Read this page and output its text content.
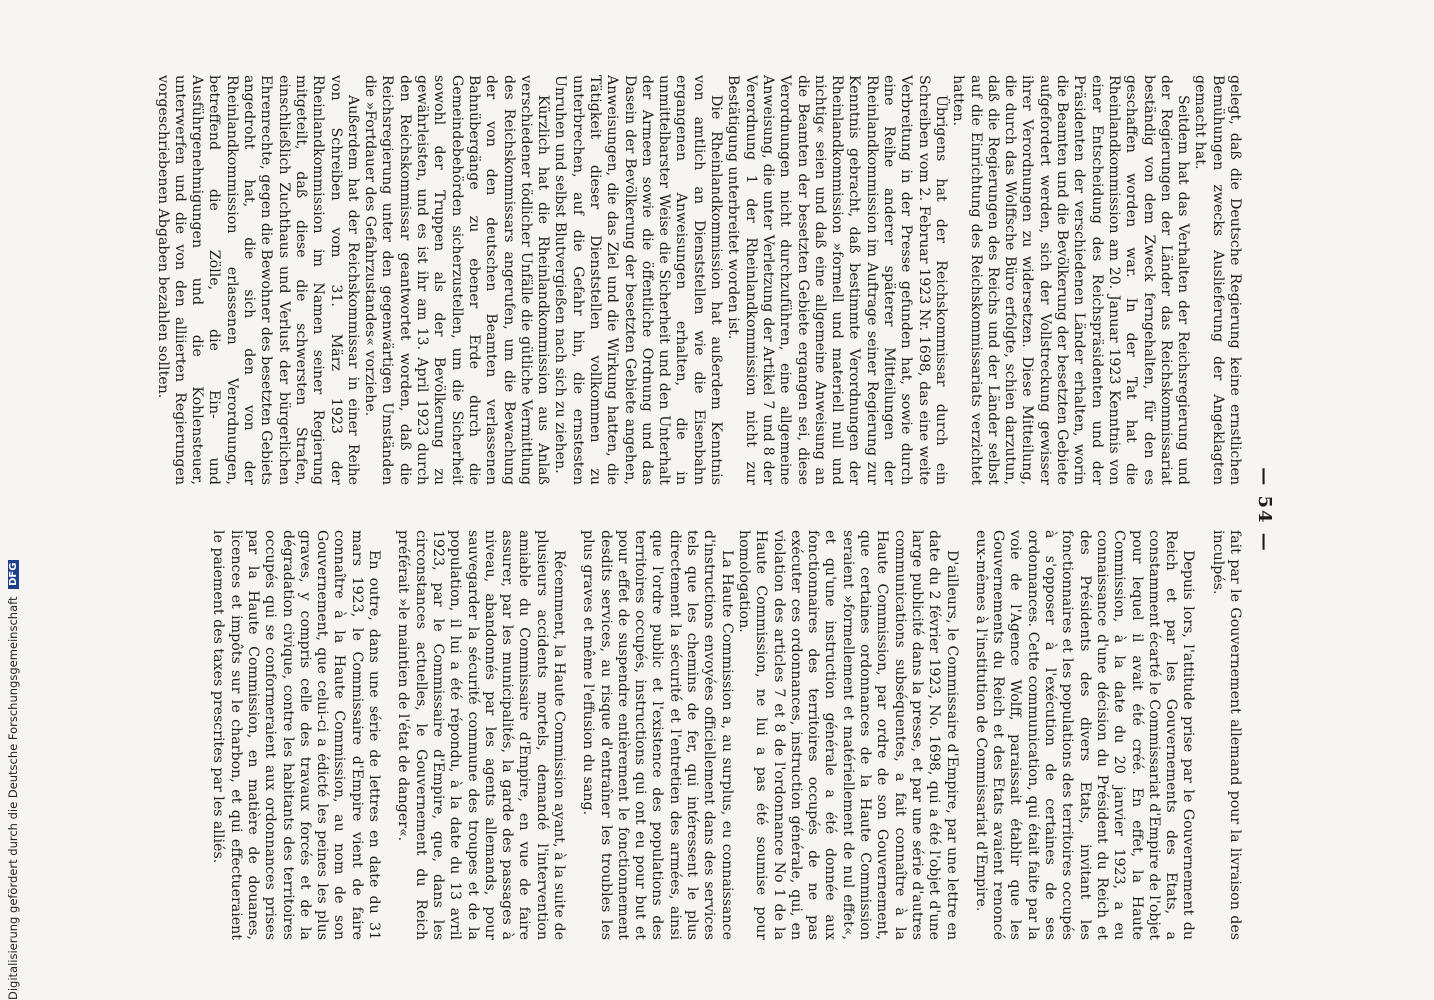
— 54 —

gelegt, daß die Deutsche Regierung keine ernstlichen Bemühungen zwecks Auslieferung der Angeklagten gemacht hat.

Seitdem hat das Verhalten der Reichsregierung und der Regierungen der Länder das Reichskommissariat beständig von dem Zweck ferngehalten, für den es geschaffen worden war. In der Tat hat die Rheinlandkommission am 20. Januar 1923 Kenntnis von einer Entscheidung des Reichspräsidenten und der Präsidenten der verschiedenen Länder erhalten, worin die Beamten und die Bevölkerung der besetzten Gebiete aufgefordert werden, sich der Vollstreckung gewisser ihrer Verordnungen zu widersetzen. Diese Mitteilung, die durch das Wolffsche Büro erfolgte, schien darzutun, daß die Regierungen des Reichs und der Länder selbst auf die Einrichtung des Reichskommissariats verzichtet hatten.

Übrigens hat der Reichskommissar durch ein Schreiben vom 2. Februar 1923 Nr. 1698, das eine weite Verbreitung in der Presse gefunden hat, sowie durch eine Reihe anderer späterer Mitteilungen der Rheinlandkommission im Auftrage seiner Regierung zur Kenntnis gebracht, daß bestimmte Verordnungen der Rheinlandkommission »formell und materiell null und nichtig« seien und daß eine allgemeine Anweisung an die Beamten der besetzten Gebiete ergangen sei, diese Verordnungen nicht durchzuführen, eine allgemeine Anweisung, die unter Verletzung der Artikel 7 und 8 der Verordnung 1 der Rheinlandkommission nicht zur Bestätigung unterbreitet worden ist.

Die Rheinlandkommission hat außerdem Kenntnis von amtlich an Dienststellen wie die Eisenbahn ergangenen Anweisungen erhalten, die in unmittelbarster Weise die Sicherheit und den Unterhalt der Armeen sowie die öffentliche Ordnung und das Dasein der Bevölkerung der besetzten Gebiete angehen, Anweisungen, die das Ziel und die Wirkung hatten, die Tätigkeit dieser Dienststellen vollkommen zu unterbrechen, auf die Gefahr hin, die ernstesten Unruhen und selbst Blutvergießen nach sich zu ziehen.

Kürzlich hat die Rheinlandkommission aus Anlaß verschiedener tödlicher Unfälle die gütliche Vermittlung des Reichskommissars angerufen, um die Bewachung der von den deutschen Beamten verlassenen Bahnübergänge zu ebener Erde durch die Gemeindebehörden sicherzustellen, um die Sicherheit sowohl der Truppen als der Bevölkerung zu gewährleisten, und es ist ihr am 13. April 1923 durch den Reichskommissar geantwortet worden, daß die Reichsregierung unter den gegenwärtigen Umständen die »Fortdauer des Gefahrzustandes« vorziehe.

Außerdem hat der Reichskommissar in einer Reihe von Schreiben vom 31. März 1923 der Rheinlandkommission im Namen seiner Regierung mitgeteilt, daß diese die schwersten Strafen, einschließlich Zuchthaus und Verlust der bürgerlichen Ehrenrechte, gegen die Bewohner des besetzten Gebiets angedroht hat, die sich den von der Rheinlandkommission erlassenen Verordnungen, betreffend die Zölle, die Ein- und Ausführgenehmigungen und die Kohlensteuer, unterwerfen und die von den alliierten Regierungen vorgeschriebenen Abgaben bezahlen sollten.

fait par le Gouvernement allemand pour la livraison des inculpés.

Depuis lors, l'attitude prise par le Gouvernement du Reich et par les Gouvernements des Etats, a constamment écarté le Commissariat d'Empire de l'objet pour lequel il avait été créé. En effet, la Haute Commission, à la date du 20 janvier 1923, a eu connaissance d'une décision du Président du Reich et des Présidents des divers Etats, invitant les fonctionnaires et les populations des territoires occupés à s'opposer à l'exécution de certaines de ses ordonnances. Cette communication, qui était faite par la voie de l'Agence Wolff, paraissait établir que les Gouvernements du Reich et des Etats avaient renoncé eux-mêmes à l'institution de Commissariat d'Empire.

D'ailleurs, le Commissaire d'Empire, par une lettre en date du 2 février 1923, No. 1698, qui a été l'objet d'une large publicité dans la presse, et par une série d'autres communications subséquentes, a fait connaître à la Haute Commission, par ordre de son Gouvernement, que certaines ordonnances de la Haute Commission seraient »formellement et matériellement de nul effet«, et qu'une instruction générale a été donnée aux fonctionnaires des territoires occupés de ne pas exécuter ces ordonnances, instruction générale, qui, en violation des articles 7 et 8 de l'ordonnance No 1 de la Haute Commission, ne lui a pas été soumise pour homologation.

La Haute Commission a, au surplus, eu connaissance d'instructions envoyées officiellement dans des services tels que les chemins de fer, qui intéressent le plus directement la sécurité et l'entretien des armées, ainsi que l'ordre public et l'existence des populations des territoires occupés, instructions qui ont eu pour but et pour effet de suspendre entièrement le fonctionnement desdits services, au risque d'entraîner les troubles les plus graves et même l'effusion du sang.

Récemment, la Haute Commission ayant, à la suite de plusieurs accidents mortels, demandé l'intervention amiable du Commissaire d'Empire, en vue de faire assurer, par les municipalités, la garde des passages à niveau, abandonnés par les agents allemands, pour sauvegarder la sécurité commune des troupes et de la population, il lui a été répondu, à la date du 13 avril 1923, par le Commissaire d'Empire, que, dans les circonstances actuelles, le Gouvernement du Reich préférait »le maintien de l'état de danger«.

En outre, dans une série de lettres en date du 31 mars 1923, le Commissaire d'Empire vient de faire connaître à la Haute Commission, au nom de son Gouvernement, que celui-ci a édicté les peines les plus graves, y compris celle des travaux forcés et de la dégradation civique, contre les habitants des territoires occupés qui se conformeraient aux ordonnances prises par la Haute Commission, en matière de douanes, licences et impôts sur le charbon, et qui effectueraient le paiement des taxes prescrites par les alliés.

Digitalisierung gefördert durch die Deutsche Forschungsgemeinschaft DFG
